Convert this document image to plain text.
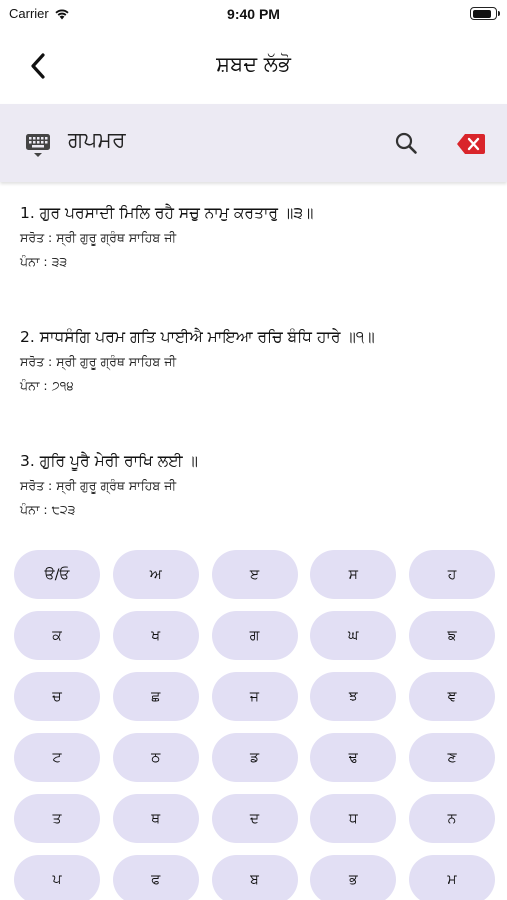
Carrier	9:40 PM
ਸ਼ਬਦ ਲੱਭੋ
ਗਪਮਰ
1. ਗੁਰ ਪਰਸਾਦੀ ਮਿਲਿ ਰਹੈ ਸਚੁ ਨਾਮੁ ਕਰਤਾਰੁ ॥੩॥
ਸਰੋਤ : ਸ੍ਰੀ ਗੁਰੂ ਗ੍ਰੰਥ ਸਾਹਿਬ ਜੀ
ਪੰਨਾ : ੩੩
2. ਸਾਧਸੰਗਿ ਪਰਮ ਗਤਿ ਪਾਈਐ ਮਾਇਆ ਰਚਿ ਬੰਧਿ ਹਾਰੇ ॥੧॥
ਸਰੋਤ : ਸ੍ਰੀ ਗੁਰੂ ਗ੍ਰੰਥ ਸਾਹਿਬ ਜੀ
ਪੰਨਾ : ੭੧੪
3. ਗੁਰਿ ਪੂਰੈ ਮੇਰੀ ਰਾਖਿ ਲਈ ॥
ਸਰੋਤ : ਸ੍ਰੀ ਗੁਰੂ ਗ੍ਰੰਥ ਸਾਹਿਬ ਜੀ
ਪੰਨਾ : ੮੨੩
ੳ/ਓ	ਅ	ੲ	ਸ	ਹ
ਕ	ਖ	ਗ	ਘ	ਙ
ਚ	ਛ	ਜ	ਝ	ਞ
ਟ	ਠ	ਡ	ਢ	ਣ
ਤ	ਥ	ਦ	ਧ	ਨ
ਪ	ਫ	ਬ	ਭ	ਮ
